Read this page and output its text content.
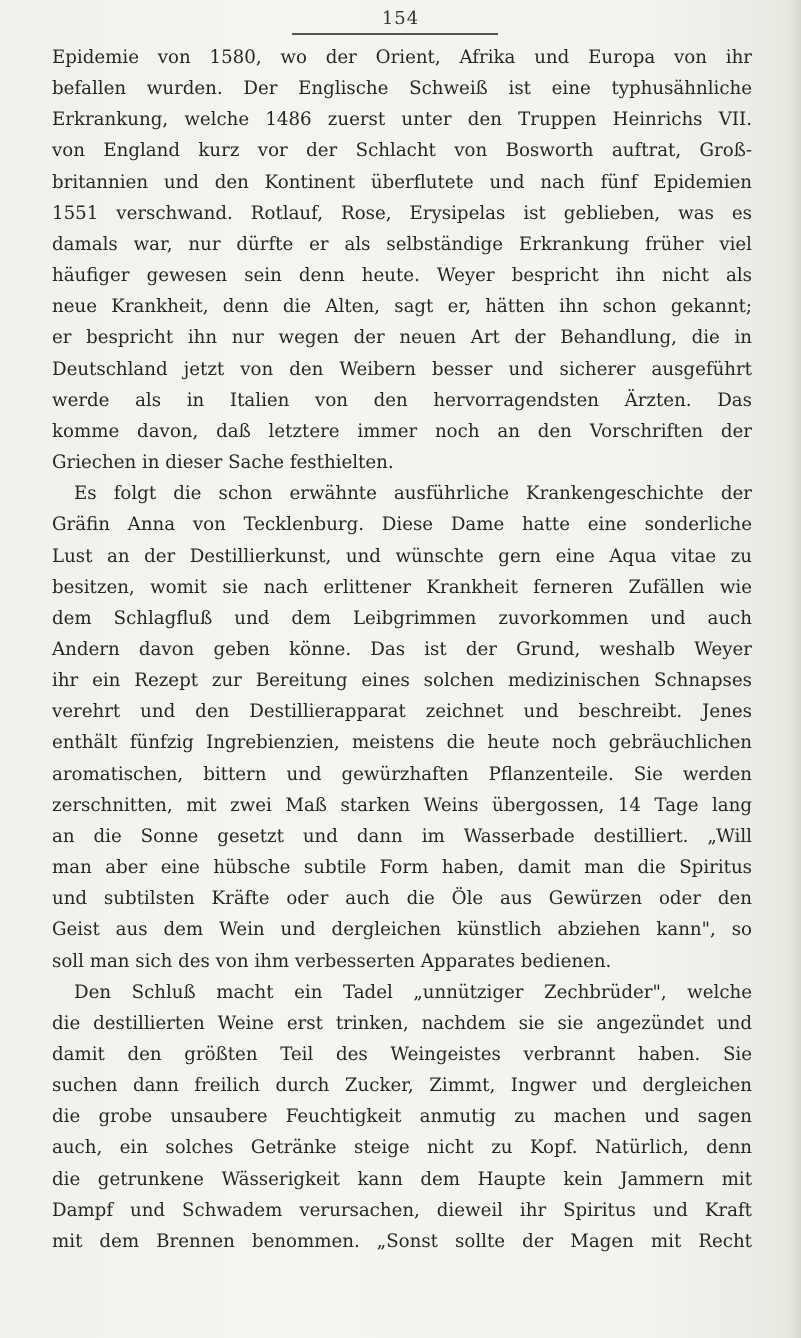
154
Epidemie von 1580, wo der Orient, Afrika und Europa von ihr
befallen wurden. Der Englische Schweiß ist eine typhusähnliche
Erkrankung, welche 1486 zuerst unter den Truppen Heinrichs VII.
von England kurz vor der Schlacht von Bosworth auftrat, Groß-
britannien und den Kontinent überflutete und nach fünf Epidemien
1551 verschwand. Rotlauf, Rose, Erysipelas ist geblieben, was es
damals war, nur dürfte er als selbständige Erkrankung früher viel
häufiger gewesen sein denn heute. Weyer bespricht ihn nicht als
neue Krankheit, denn die Alten, sagt er, hätten ihn schon gekannt;
er bespricht ihn nur wegen der neuen Art der Behandlung, die in
Deutschland jetzt von den Weibern besser und sicherer ausgeführt
werde als in Italien von den hervorragendsten Ärzten. Das
komme davon, daß letztere immer noch an den Vorschriften der
Griechen in dieser Sache festhielten.
Es folgt die schon erwähnte ausführliche Krankengeschichte der
Gräfin Anna von Tecklenburg. Diese Dame hatte eine sonderliche
Lust an der Destillierkunst, und wünschte gern eine Aqua vitae zu
besitzen, womit sie nach erlittener Krankheit ferneren Zufällen wie
dem Schlagfluß und dem Leibgrimmen zuvorkommen und auch
Andern davon geben könne. Das ist der Grund, weshalb Weyer
ihr ein Rezept zur Bereitung eines solchen medizinischen Schnapses
verehrt und den Destillierapparat zeichnet und beschreibt. Jenes
enthält fünfzig Ingrebienzien, meistens die heute noch gebräuchlichen
aromatischen, bittern und gewürzhaften Pflanzenteile. Sie werden
zerschnitten, mit zwei Maß starken Weins übergossen, 14 Tage lang
an die Sonne gesetzt und dann im Wasserbade destilliert. „Will
man aber eine hübsche subtile Form haben, damit man die Spiritus
und subtilsten Kräfte oder auch die Öle aus Gewürzen oder den
Geist aus dem Wein und dergleichen künstlich abziehen kann", so
soll man sich des von ihm verbesserten Apparates bedienen.
Den Schluß macht ein Tadel „unnütziger Zechbrüder", welche
die destillierten Weine erst trinken, nachdem sie sie angezündet und
damit den größten Teil des Weingeistes verbrannt haben. Sie
suchen dann freilich durch Zucker, Zimmt, Ingwer und dergleichen
die grobe unsaubere Feuchtigkeit anmutig zu machen und sagen
auch, ein solches Getränke steige nicht zu Kopf. Natürlich, denn
die getrunkene Wässerigkeit kann dem Haupte kein Jammern mit
Dampf und Schwadem verursachen, dieweil ihr Spiritus und Kraft
mit dem Brennen benommen. „Sonst sollte der Magen mit Recht
